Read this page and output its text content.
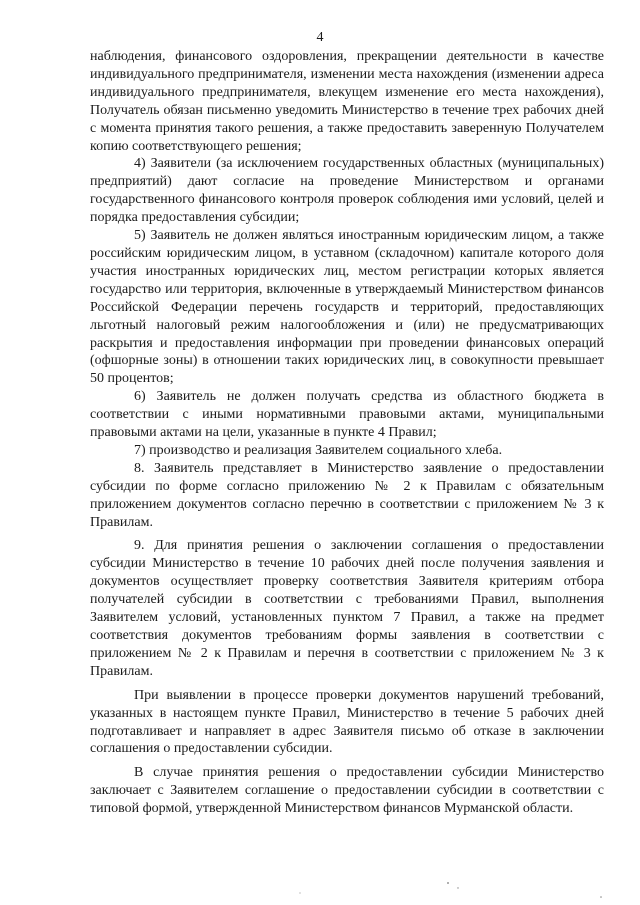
4

наблюдения, финансового оздоровления, прекращении деятельности в качестве индивидуального предпринимателя, изменении места нахождения (изменении адреса индивидуального предпринимателя, влекущем изменение его места нахождения), Получатель обязан письменно уведомить Министерство в течение трех рабочих дней с момента принятия такого решения, а также предоставить заверенную Получателем копию соответствующего решения;

4) Заявители (за исключением государственных областных (муниципальных) предприятий) дают согласие на проведение Министерством и органами государственного финансового контроля проверок соблюдения ими условий, целей и порядка предоставления субсидии;

5) Заявитель не должен являться иностранным юридическим лицом, а также российским юридическим лицом, в уставном (складочном) капитале которого доля участия иностранных юридических лиц, местом регистрации которых является государство или территория, включенные в утверждаемый Министерством финансов Российской Федерации перечень государств и территорий, предоставляющих льготный налоговый режим налогообложения и (или) не предусматривающих раскрытия и предоставления информации при проведении финансовых операций (офшорные зоны) в отношении таких юридических лиц, в совокупности превышает 50 процентов;

6) Заявитель не должен получать средства из областного бюджета в соответствии с иными нормативными правовыми актами, муниципальными правовыми актами на цели, указанные в пункте 4 Правил;

7) производство и реализация Заявителем социального хлеба.

8. Заявитель представляет в Министерство заявление о предоставлении субсидии по форме согласно приложению № 2 к Правилам с обязательным приложением документов согласно перечню в соответствии с приложением № 3 к Правилам.

9. Для принятия решения о заключении соглашения о предоставлении субсидии Министерство в течение 10 рабочих дней после получения заявления и документов осуществляет проверку соответствия Заявителя критериям отбора получателей субсидии в соответствии с требованиями Правил, выполнения Заявителем условий, установленных пунктом 7 Правил, а также на предмет соответствия документов требованиям формы заявления в соответствии с приложением № 2 к Правилам и перечня в соответствии с приложением № 3 к Правилам.

При выявлении в процессе проверки документов нарушений требований, указанных в настоящем пункте Правил, Министерство в течение 5 рабочих дней подготавливает и направляет в адрес Заявителя письмо об отказе в заключении соглашения о предоставлении субсидии.

В случае принятия решения о предоставлении субсидии Министерство заключает с Заявителем соглашение о предоставлении субсидии в соответствии с типовой формой, утвержденной Министерством финансов Мурманской области.
